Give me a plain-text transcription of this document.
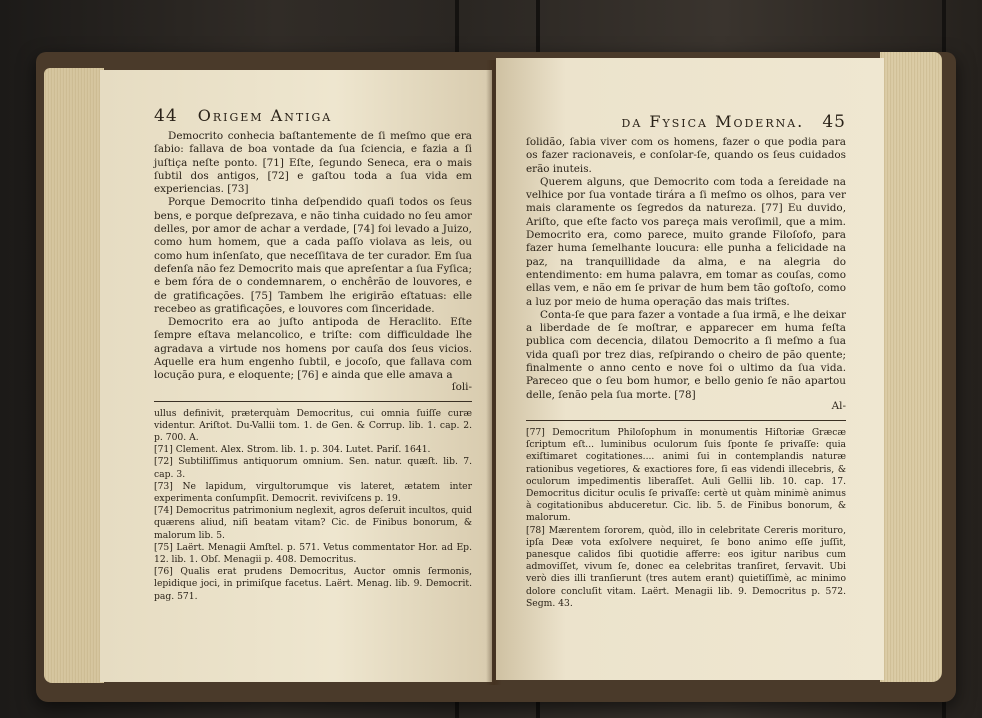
44 Origem Antiga

Democrito conhecia baſtantemente de ſi meſmo que era ſabio: fallava de boa vontade da ſua ſciencia, e fazia a ſi juſtiça neſte ponto. [71] Eſte, ſegundo Seneca, era o mais ſubtil dos antigos, [72] e gaſtou toda a ſua vida em experiencias. [73]

Porque Democrito tinha deſpendido quaſi todos os ſeus bens, e porque deſprezava, e não tinha cuidado no ſeu amor delles, por amor de achar a verdade, [74] foi levado a Juizo, como hum homem, que a cada paſſo violava as leis, ou como hum inſenſato, que neceſſitava de ter curador. Em ſua defenſa não fez Democrito mais que apreſentar a ſua Fyſica; e bem fóra de o condemnarem, o enchêrão de louvores, e de gratificações. [75] Tambem lhe erigirão eſtatuas: elle recebeo as gratificações, e louvores com ſinceridade.

Democrito era ao juſto antipoda de Heraclito. Eſte ſempre eſtava melancolico, e triſte: com difficuldade lhe agradava a virtude nos homens por cauſa dos ſeus vicios. Aquelle era hum engenho ſubtil, e jocoſo, que fallava com locução pura, e eloquente; [76] e ainda que elle amava a

ſoli-

ullus definivit, præterquàm Democritus, cui omnia ſuiſſe curæ videntur. Ariſtot. Du-Vallii tom. 1. de Gen. & Corrup. lib. 1. cap. 2. p. 700. A.

[71] Clement. Alex. Strom. lib. 1. p. 304. Lutet. Pariſ. 1641.

[72] Subtiliſſimus antiquorum omnium. Sen. natur. quæſt. lib. 7. cap. 3.

[73] Ne lapidum, virgultorumque vis lateret, ætatem inter experimenta conſumpſit. Democrit. reviviſcens p. 19.

[74] Democritus patrimonium neglexit, agros deſeruit incultos, quid quærens aliud, niſi beatam vitam? Cic. de Finibus bonorum, & malorum lib. 5.

[75] Laërt. Menagii Amſtel. p. 571. Vetus commentator Hor. ad Ep. 12. lib. 1. Obſ. Menagii p. 408. Democritus.

[76] Qualis erat prudens Democritus, Auctor omnis ſermonis, lepidique joci, in primiſque facetus. Laërt. Menag. lib. 9. Democrit. pag. 571.

da Fysica Moderna. 45

ſolidão, ſabia viver com os homens, fazer o que podia para os fazer racionaveis, e conſolar-ſe, quando os ſeus cuidados erão inuteis.

Querem alguns, que Democrito com toda a ſereidade na velhice por ſua vontade tirára a ſi meſmo os olhos, para ver mais claramente os ſegredos da natureza. [77] Eu duvido, Ariſto, que eſte facto vos pareça mais veroſimil, que a mim. Democrito era, como parece, muito grande Filoſofo, para fazer huma ſemelhante loucura: elle punha a felicidade na paz, na tranquillidade da alma, e na alegria do entendimento: em huma palavra, em tomar as couſas, como ellas vem, e não em ſe privar de hum bem tão goſtoſo, como a luz por meio de huma operação das mais triſtes.

Conta-ſe que para fazer a vontade a ſua irmã, e lhe deixar a liberdade de ſe moſtrar, e apparecer em huma feſta publica com decencia, dilatou Democrito a ſi meſmo a ſua vida quaſi por trez dias, reſpirando o cheiro de pão quente; finalmente o anno cento e nove foi o ultimo da ſua vida. Pareceo que o ſeu bom humor, e bello genio ſe não apartou delle, ſenão pela ſua morte. [78]

Al-

[77] Democritum Philoſophum in monumentis Hiſtoriæ Græcæ ſcriptum eſt... luminibus oculorum ſuis ſponte ſe privaſſe: quia exiſtimaret cogitationes.... animi ſui in contemplandis naturæ rationibus vegetiores, & exactiores fore, ſi eas videndi illecebris, & oculorum impedimentis liberaſſet. Auli Gellii lib. 10. cap. 17. Democritus dicitur oculis ſe privaſſe: certè ut quàm minimè animus à cogitationibus abduceretur. Cic. lib. 5. de Finibus bonorum, & malorum.

[78] Mærentem ſororem, quòd, illo in celebritate Cereris morituro, ipſa Deæ vota exſolvere nequiret, ſe bono animo eſſe juſſit, panesque calidos ſibi quotidie afferre: eos igitur naribus cum admoviſſet, vivum ſe, donec ea celebritas tranſiret, ſervavit. Ubi verò dies illi tranſierunt (tres autem erant) quietiſſimè, ac minimo dolore concluſit vitam. Laërt. Menagii lib. 9. Democritus p. 572. Segm. 43.
